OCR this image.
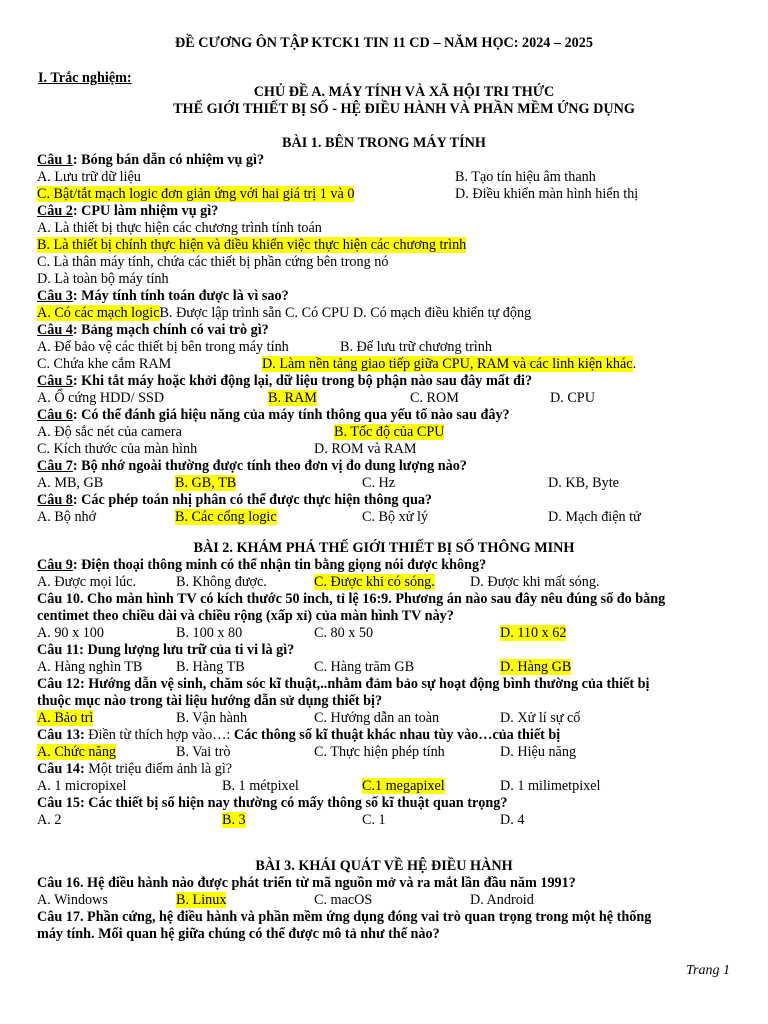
ĐỀ CƯƠNG ÔN TẬP KTCK1 TIN 11 CD – NĂM HỌC: 2024 – 2025
I. Trắc nghiệm:
CHỦ ĐỀ A. MÁY TÍNH VÀ XÃ HỘI TRI THỨC
THẾ GIỚI THIẾT BỊ SỐ - HỆ ĐIỀU HÀNH VÀ PHẦN MỀM ỨNG DỤNG
BÀI 1. BÊN TRONG MÁY TÍNH
Câu 1: Bóng bán dẫn có nhiệm vụ gì?
A. Lưu trữ dữ liệu	B. Tạo tín hiệu âm thanh
C. Bật/tắt mạch logic đơn giản ứng với hai giá trị 1 và 0	D. Điều khiển màn hình hiển thị
Câu 2: CPU làm nhiệm vụ gì?
A. Là thiết bị thực hiện các chương trình tính toán
B. Là thiết bị chính thực hiện và điều khiển việc thực hiện các chương trình
C. Là thân máy tính, chứa các thiết bị phần cứng bên trong nó
D. Là toàn bộ máy tính
Câu 3: Máy tính tính toán được là vì sao?
A. Có các mạch logicB. Được lập trình sẵn C. Có CPU D. Có mạch điều khiển tự động
Câu 4: Bảng mạch chính có vai trò gì?
A. Để bảo vệ các thiết bị bên trong máy tính	B. Để lưu trữ chương trình
C. Chứa khe cắm RAM	D. Làm nền tảng giao tiếp giữa CPU, RAM và các linh kiện khác.
Câu 5: Khi tắt máy hoặc khởi động lại, dữ liệu trong bộ phận nào sau đây mất đi?
A. Ổ cứng HDD/ SSD	B. RAM	C. ROM	D. CPU
Câu 6: Có thể đánh giá hiệu năng của máy tính thông qua yếu tố nào sau đây?
A. Độ sắc nét của camera	B. Tốc độ của CPU
C. Kích thước của màn hình	D. ROM và RAM
Câu 7: Bộ nhớ ngoài thường được tính theo đơn vị đo dung lượng nào?
A. MB, GB	B. GB, TB	C. Hz	D. KB, Byte
Câu 8: Các phép toán nhị phân có thể được thực hiện thông qua?
A. Bộ nhớ	B. Các cổng logic	C. Bộ xử lý	D. Mạch điện tử
BÀI 2. KHÁM PHÁ THẾ GIỚI THIẾT BỊ SỐ THÔNG MINH
Câu 9: Điện thoại thông minh có thể nhận tin bằng giọng nói được không?
A. Được mọi lúc.	B. Không được.	C. Được khi có sóng. D. Được khi mất sóng.
Câu 10. Cho màn hình TV có kích thước 50 inch, tỉ lệ 16:9. Phương án nào sau đây nêu đúng số đo bằng
centimet theo chiều dài và chiều rộng (xấp xỉ) của màn hình TV này?
A. 90 x 100	B. 100 x 80	C. 80 x 50	D. 110 x 62
Câu 11: Dung lượng lưu trữ của ti vi là gì?
A. Hàng nghìn TB B. Hàng TB	C. Hàng trăm GB	D. Hàng GB
Câu 12: Hướng dẫn vệ sinh, chăm sóc kĩ thuật,..nhằm đảm bảo sự hoạt động bình thường của thiết bị
thuộc mục nào trong tài liệu hướng dẫn sử dụng thiết bị?
A. Bảo trì	B. Vận hành	C. Hướng dẫn an toàn	D. Xử lí sự cố
Câu 13: Điền từ thích hợp vào…: Các thông số kĩ thuật khác nhau tùy vào…của thiết bị
A. Chức năng	B. Vai trò	C. Thực hiện phép tính	D. Hiệu năng
Câu 14: Một triệu điểm ảnh là gì?
A. 1 micropixel	B. 1 métpixel	C.1 megapixel	D. 1 milimetpixel
Câu 15: Các thiết bị số hiện nay thường có mấy thông số kĩ thuật quan trọng?
A. 2	B. 3	C. 1	D. 4
BÀI 3. KHÁI QUÁT VỀ HỆ ĐIỀU HÀNH
Câu 16. Hệ điều hành nào được phát triển từ mã nguồn mở và ra mắt lần đầu năm 1991?
A. Windows	B. Linux	C. macOS	D. Android
Câu 17. Phần cứng, hệ điều hành và phần mềm ứng dụng đóng vai trò quan trọng trong một hệ thống
máy tính. Mối quan hệ giữa chúng có thể được mô tả như thế nào?
Trang 1
